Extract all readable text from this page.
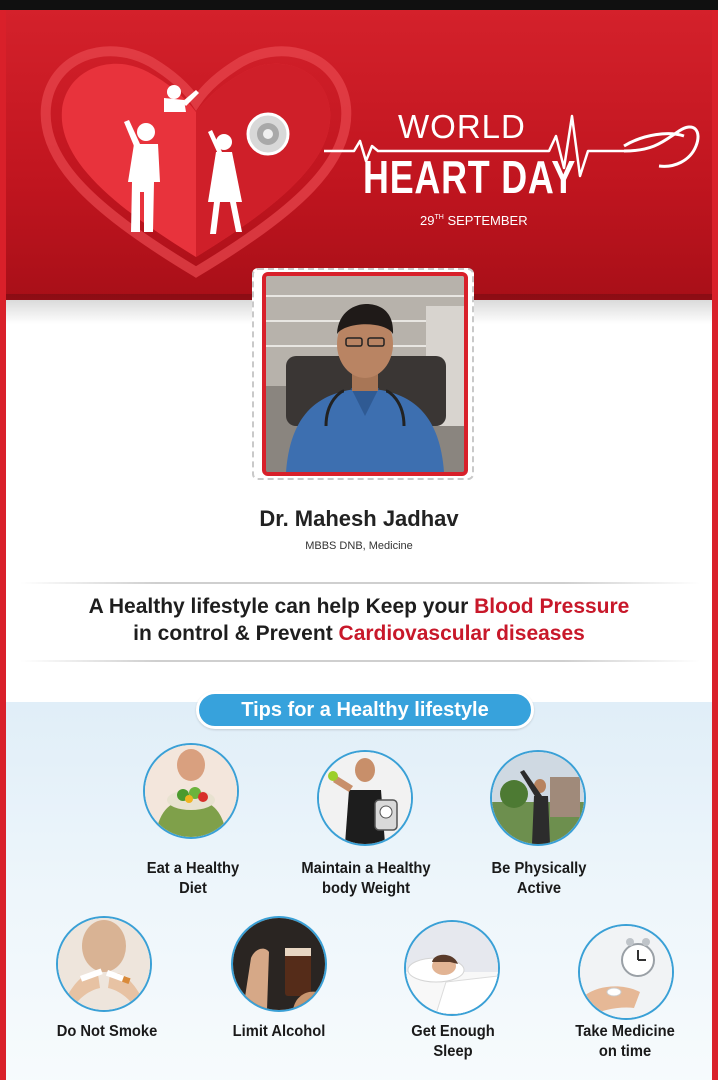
WORLD
HEART DAY
29TH SEPTEMBER
Dr. Mahesh Jadhav
MBBS DNB, Medicine
A Healthy lifestyle can help Keep your Blood Pressure
in control & Prevent Cardiovascular diseases
Tips for a Healthy lifestyle
Eat a Healthy
Diet
Maintain a Healthy
body Weight
Be Physically
Active
Do Not Smoke	Limit Alcohol	Get Enough
Sleep
Take Medicine
on time
